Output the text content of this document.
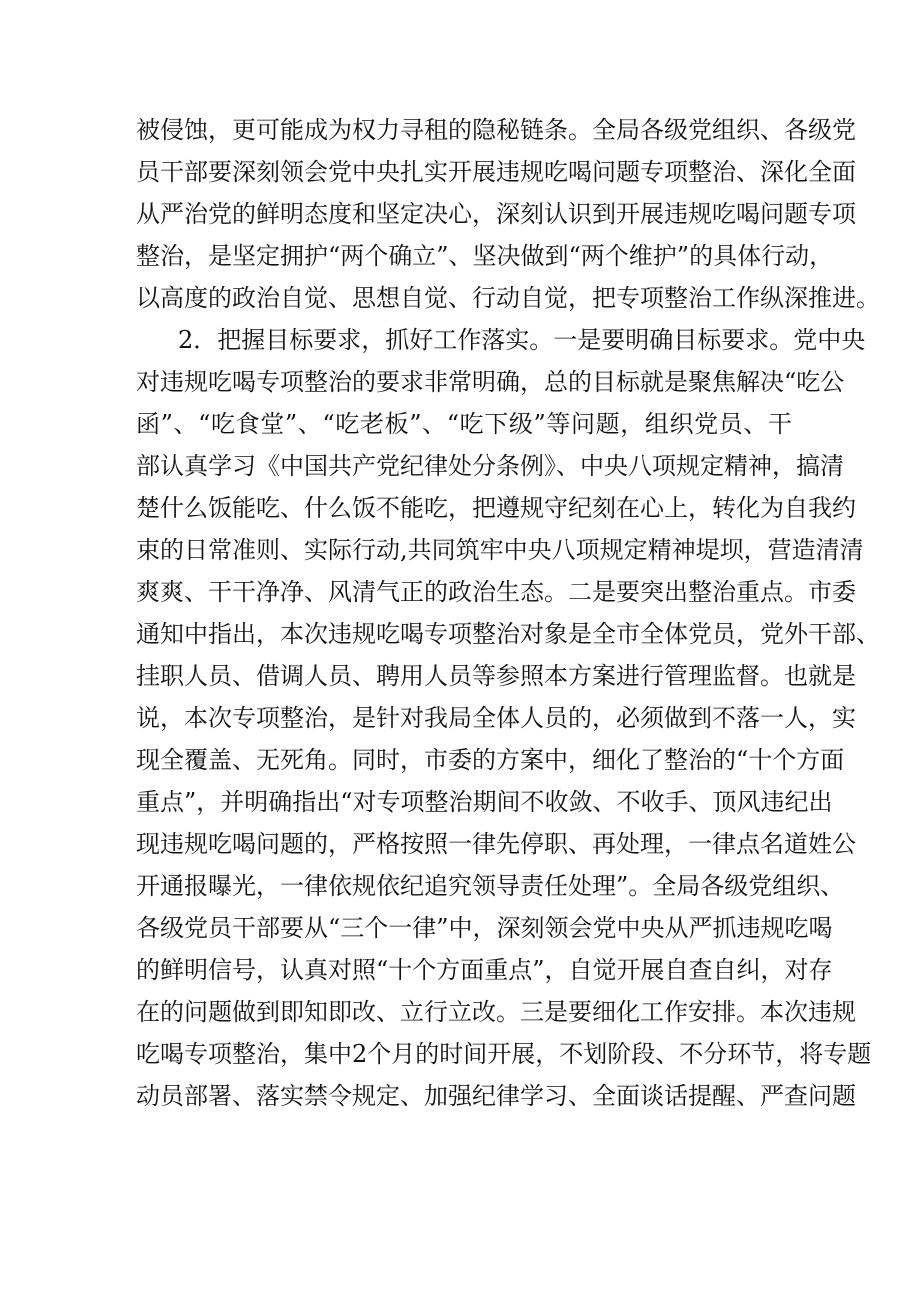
被侵蚀，更可能成为权力寻租的隐秘链条。全局各级党组织、各级党

员干部要深刻领会党中央扎实开展违规吃喝问题专项整治、深化全面

从严治党的鲜明态度和坚定决心，深刻认识到开展违规吃喝问题专项

整治，是坚定拥护“两个确立”、坚决做到“两个维护”的具体行动，

以高度的政治自觉、思想自觉、行动自觉，把专项整治工作纵深推进。

2．把握目标要求，抓好工作落实。一是要明确目标要求。党中央

对违规吃喝专项整治的要求非常明确，总的目标就是聚焦解决“吃公

函”、“吃食堂”、“吃老板”、“吃下级”等问题，组织党员、干

部认真学习《中国共产党纪律处分条例》、中央八项规定精神，搞清

楚什么饭能吃、什么饭不能吃，把遵规守纪刻在心上，转化为自我约

束的日常准则、实际行动,共同筑牢中央八项规定精神堤坝，营造清清

爽爽、干干净净、风清气正的政治生态。二是要突出整治重点。市委

通知中指出，本次违规吃喝专项整治对象是全市全体党员，党外干部、

挂职人员、借调人员、聘用人员等参照本方案进行管理监督。也就是

说，本次专项整治，是针对我局全体人员的，必须做到不落一人，实

现全覆盖、无死角。同时，市委的方案中，细化了整治的“十个方面

重点”，并明确指出“对专项整治期间不收敛、不收手、顶风违纪出

现违规吃喝问题的，严格按照一律先停职、再处理，一律点名道姓公

开通报曝光，一律依规依纪追究领导责任处理”。全局各级党组织、

各级党员干部要从“三个一律”中，深刻领会党中央从严抓违规吃喝

的鲜明信号，认真对照“十个方面重点”，自觉开展自查自纠，对存

在的问题做到即知即改、立行立改。三是要细化工作安排。本次违规

吃喝专项整治，集中2个月的时间开展，不划阶段、不分环节，将专题

动员部署、落实禁令规定、加强纪律学习、全面谈话提醒、严查问题
